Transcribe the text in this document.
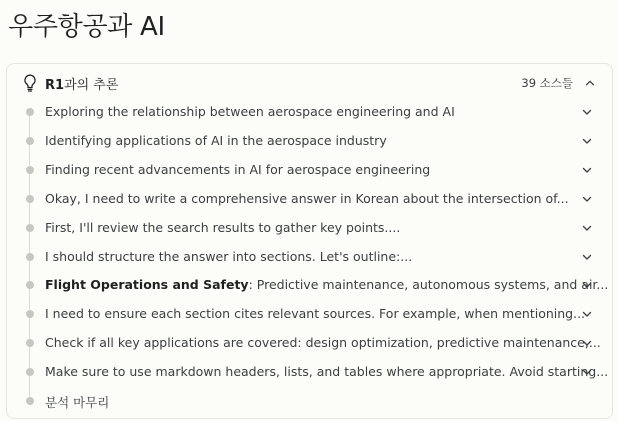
우주항공과 AI
R1과의 추론	39 소스들
Exploring the relationship between aerospace engineering and AI
Identifying applications of AI in the aerospace industry
Finding recent advancements in AI for aerospace engineering
Okay, I need to write a comprehensive answer in Korean about the intersection of...
First, I'll review the search results to gather key points....
I should structure the answer into sections. Let's outline:...
Flight Operations and Safety: Predictive maintenance, autonomous systems, and air...
I need to ensure each section cites relevant sources. For example, when mentioning...
Check if all key applications are covered: design optimization, predictive maintenance,...
Make sure to use markdown headers, lists, and tables where appropriate. Avoid starting...
분석 마무리
